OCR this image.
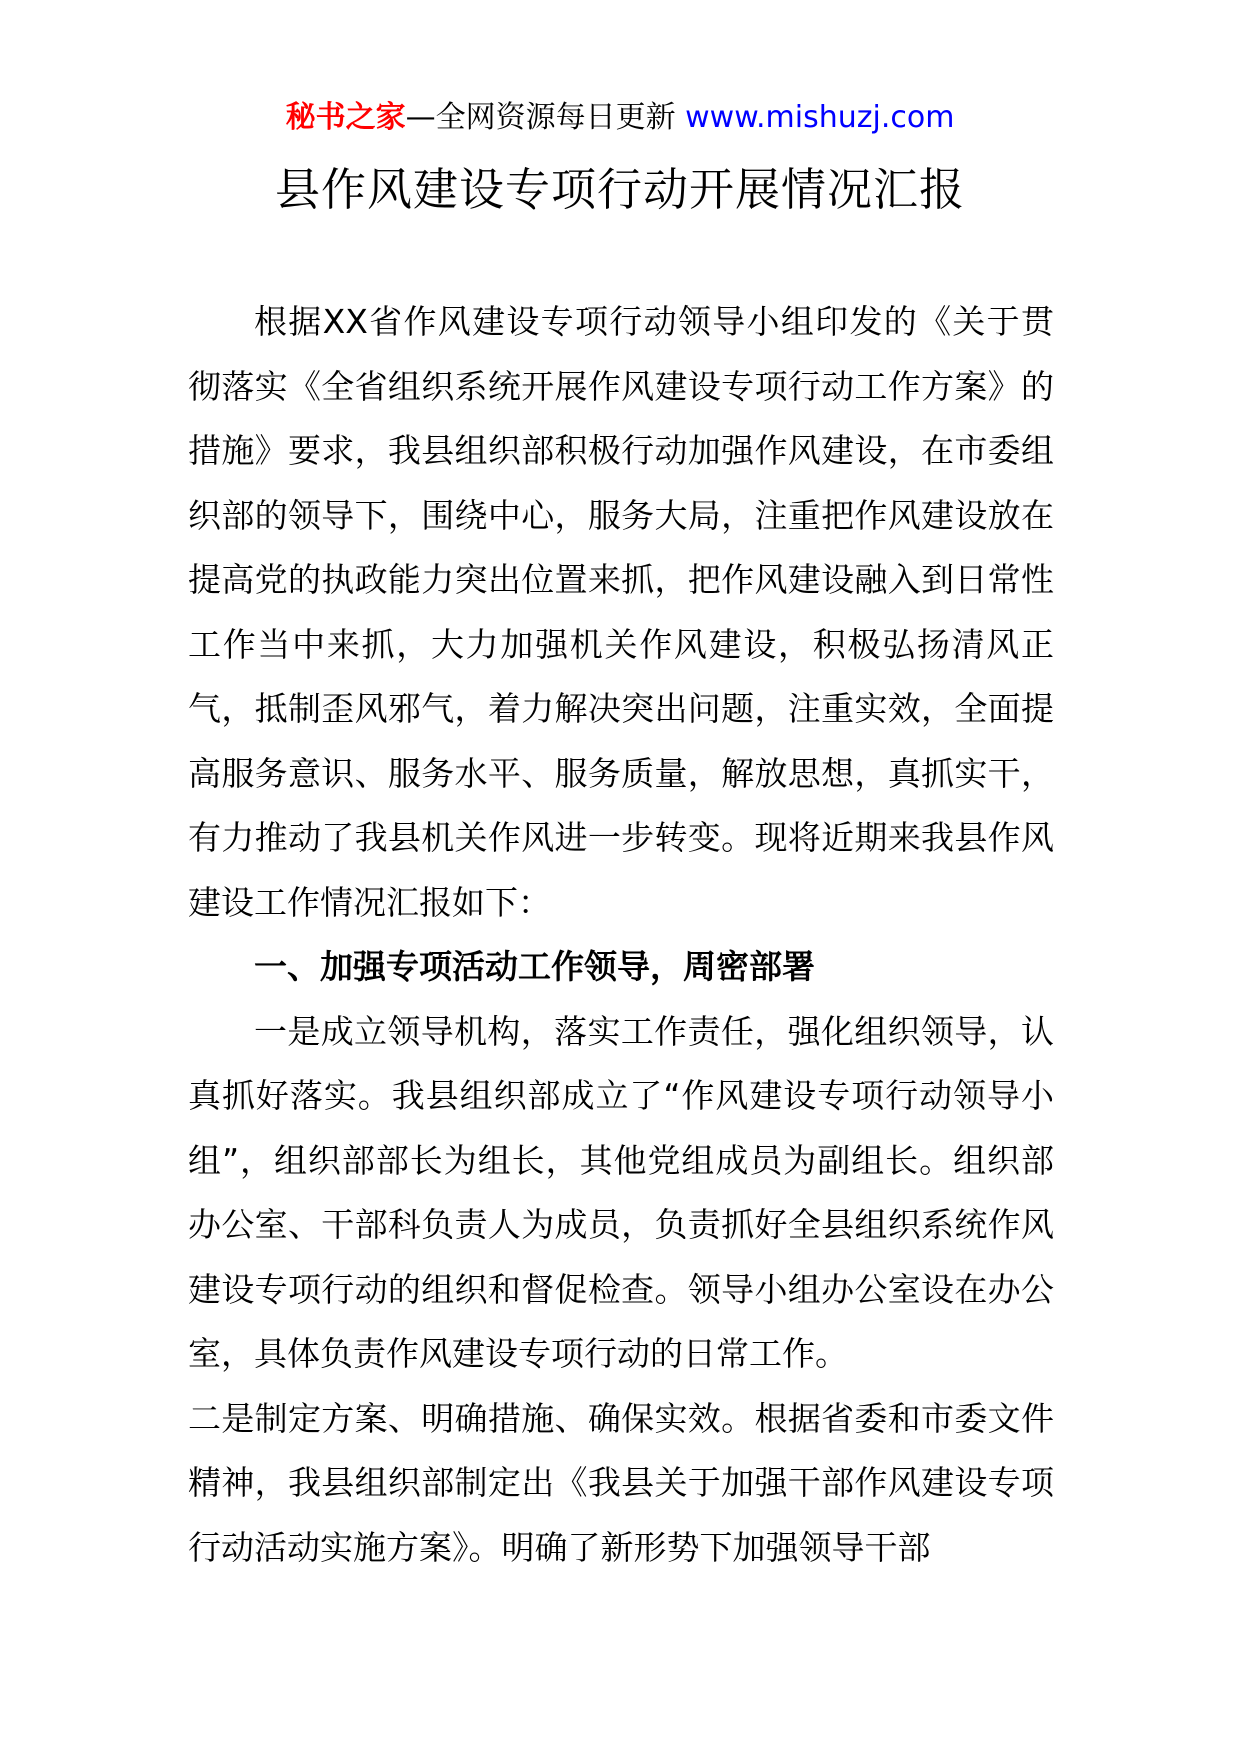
秘书之家—全网资源每日更新 www.mishuzj.com
县作风建设专项行动开展情况汇报

根据XX省作风建设专项行动领导小组印发的《关于贯彻落实《全省组织系统开展作风建设专项行动工作方案》的措施》要求，我县组织部积极行动加强作风建设，在市委组织部的领导下，围绕中心，服务大局，注重把作风建设放在提高党的执政能力突出位置来抓，把作风建设融入到日常性工作当中来抓，大力加强机关作风建设，积极弘扬清风正气，抵制歪风邪气，着力解决突出问题，注重实效，全面提高服务意识、服务水平、服务质量，解放思想，真抓实干，有力推动了我县机关作风进一步转变。现将近期来我县作风建设工作情况汇报如下：

一、加强专项活动工作领导，周密部署

一是成立领导机构，落实工作责任，强化组织领导，认真抓好落实。我县组织部成立了“作风建设专项行动领导小组”，组织部部长为组长，其他党组成员为副组长。组织部办公室、干部科负责人为成员，负责抓好全县组织系统作风建设专项行动的组织和督促检查。领导小组办公室设在办公室，具体负责作风建设专项行动的日常工作。

二是制定方案、明确措施、确保实效。根据省委和市委文件精神，我县组织部制定出《我县关于加强干部作风建设专项行动活动实施方案》。明确了新形势下加强领导干部
